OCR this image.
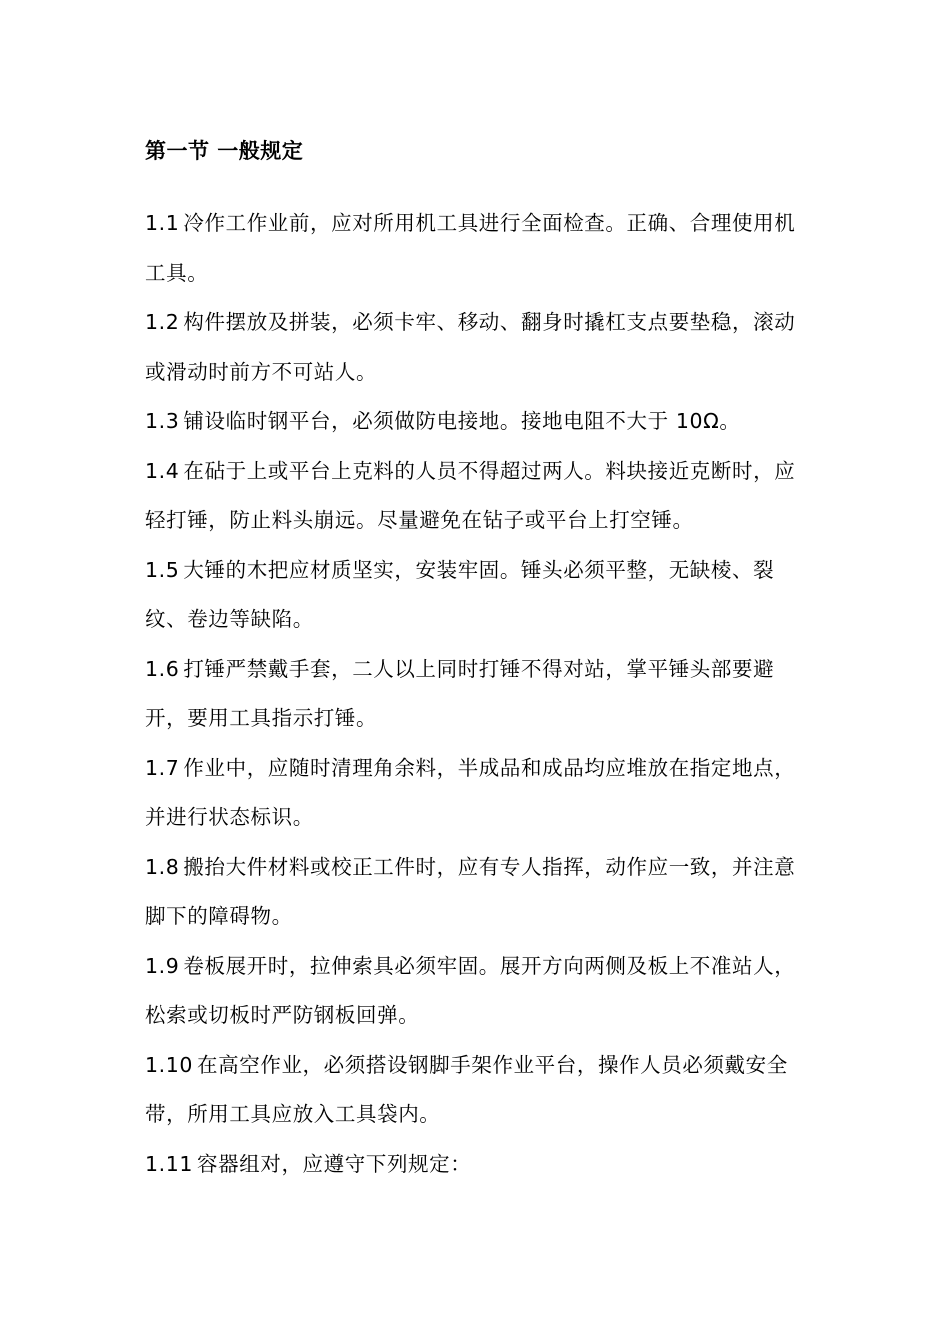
第一节 一般规定

1.1 冷作工作业前，应对所用机工具进行全面检查。正确、合理使用机工具。

1.2 构件摆放及拼装，必须卡牢、移动、翻身时撬杠支点要垫稳，滚动或滑动时前方不可站人。

1.3 铺设临时钢平台，必须做防电接地。接地电阻不大于 10Ω。

1.4 在砧于上或平台上克料的人员不得超过两人。料块接近克断时，应轻打锤，防止料头崩远。尽量避免在钻子或平台上打空锤。

1.5 大锤的木把应材质坚实，安装牢固。锤头必须平整，无缺棱、裂纹、卷边等缺陷。

1.6 打锤严禁戴手套，二人以上同时打锤不得对站，掌平锤头部要避开，要用工具指示打锤。

1.7 作业中，应随时清理角余料，半成品和成品均应堆放在指定地点，并进行状态标识。

1.8 搬抬大件材料或校正工件时，应有专人指挥，动作应一致，并注意脚下的障碍物。

1.9 卷板展开时，拉伸索具必须牢固。展开方向两侧及板上不准站人，松索或切板时严防钢板回弹。

1.10 在高空作业，必须搭设钢脚手架作业平台，操作人员必须戴安全带，所用工具应放入工具袋内。

1.11 容器组对，应遵守下列规定：
